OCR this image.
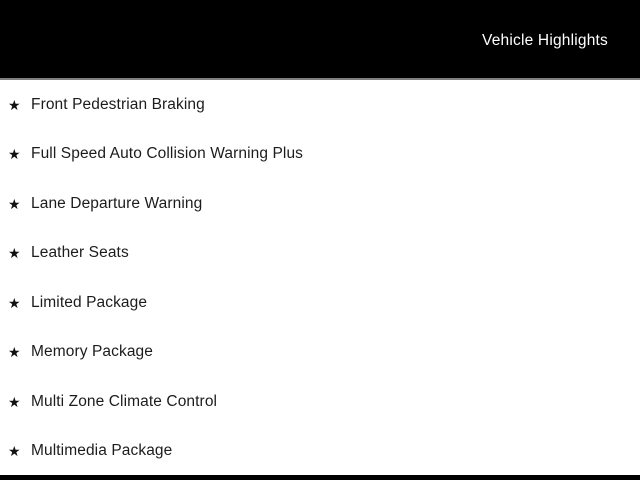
Vehicle Highlights
★ Front Pedestrian Braking
★ Full Speed Auto Collision Warning Plus
★ Lane Departure Warning
★ Leather Seats
★ Limited Package
★ Memory Package
★ Multi Zone Climate Control
★ Multimedia Package
